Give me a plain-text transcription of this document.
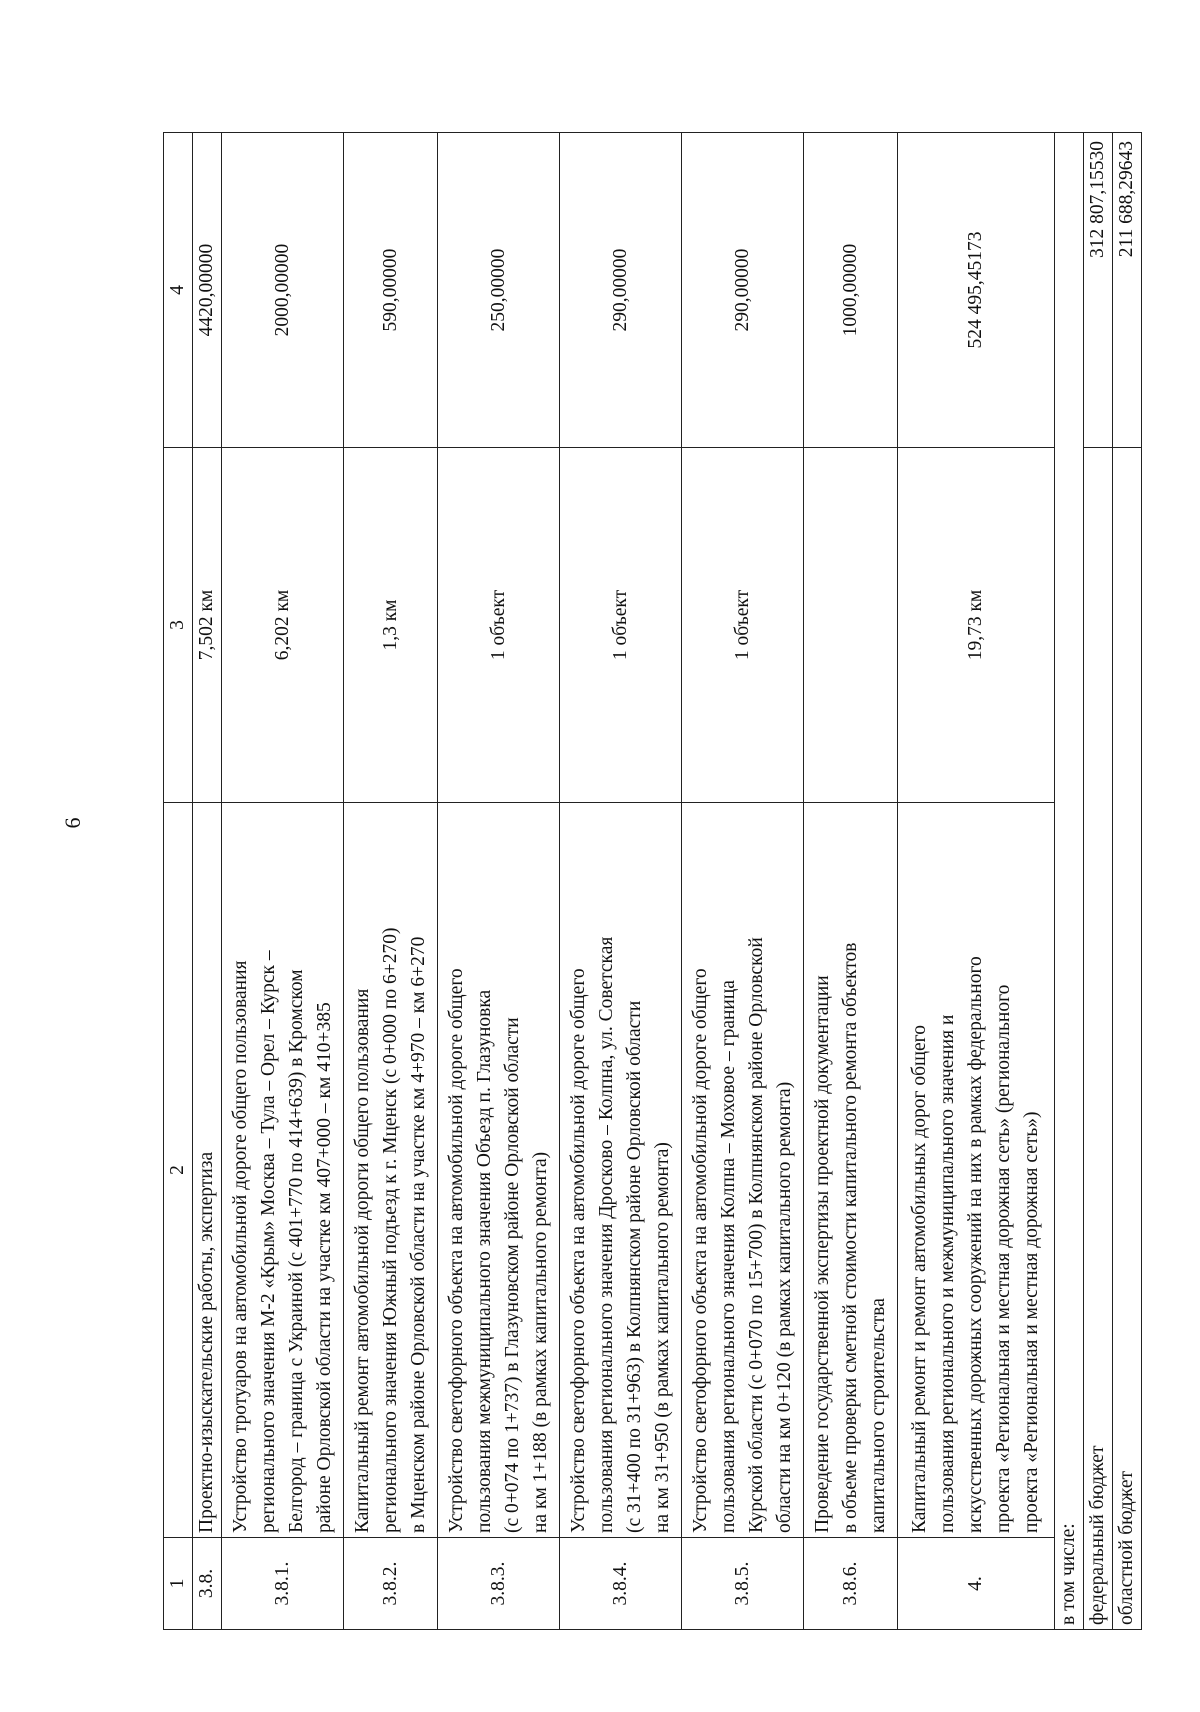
6
1	2	3	4
3.8.	Проектно-изыскательские работы, экспертиза	7,502 км	4420,00000
3.8.1.	Устройство тротуаров на автомобильной дороге общего пользования регионального значения М-2 «Крым» Москва – Тула – Орел – Курск – Белгород – граница с Украиной (с 401+770 по 414+639) в Кромском районе Орловской области на участке км 407+000 – км 410+385	6,202 км	2000,00000
3.8.2.	Капитальный ремонт автомобильной дороги общего пользования регионального значения Южный подъезд к г. Мценск (с 0+000 по 6+270) в Мценском районе Орловской области на участке км 4+970 – км 6+270	1,3 км	590,00000
3.8.3.	Устройство светофорного объекта на автомобильной дороге общего пользования межмуниципального значения Объезд п. Глазуновка (с 0+074 по 1+737) в Глазуновском районе Орловской области на км 1+188 (в рамках капитального ремонта)	1 объект	250,00000
3.8.4.	Устройство светофорного объекта на автомобильной дороге общего пользования регионального значения Дросково – Колпна, ул. Советская (с 31+400 по 31+963) в Колпнянском районе Орловской области на км 31+950 (в рамках капитального ремонта)	1 объект	290,00000
3.8.5.	Устройство светофорного объекта на автомобильной дороге общего пользования регионального значения Колпна – Моховое – граница Курской области (с 0+070 по 15+700) в Колпнянском районе Орловской области на км 0+120 (в рамках капитального ремонта)	1 объект	290,00000
3.8.6.	Проведение государственной экспертизы проектной документации в объеме проверки сметной стоимости капитального ремонта объектов капитального строительства		1000,00000
4.	Капитальный ремонт и ремонт автомобильных дорог общего пользования регионального и межмуниципального значения и искусственных дорожных сооружений на них в рамках федерального проекта «Региональная и местная дорожная сеть» (регионального проекта «Региональная и местная дорожная сеть»)	19,73 км	524 495,45173
в том числе:			
федеральный бюджет			312 807,15530
областной бюджет			211 688,29643
